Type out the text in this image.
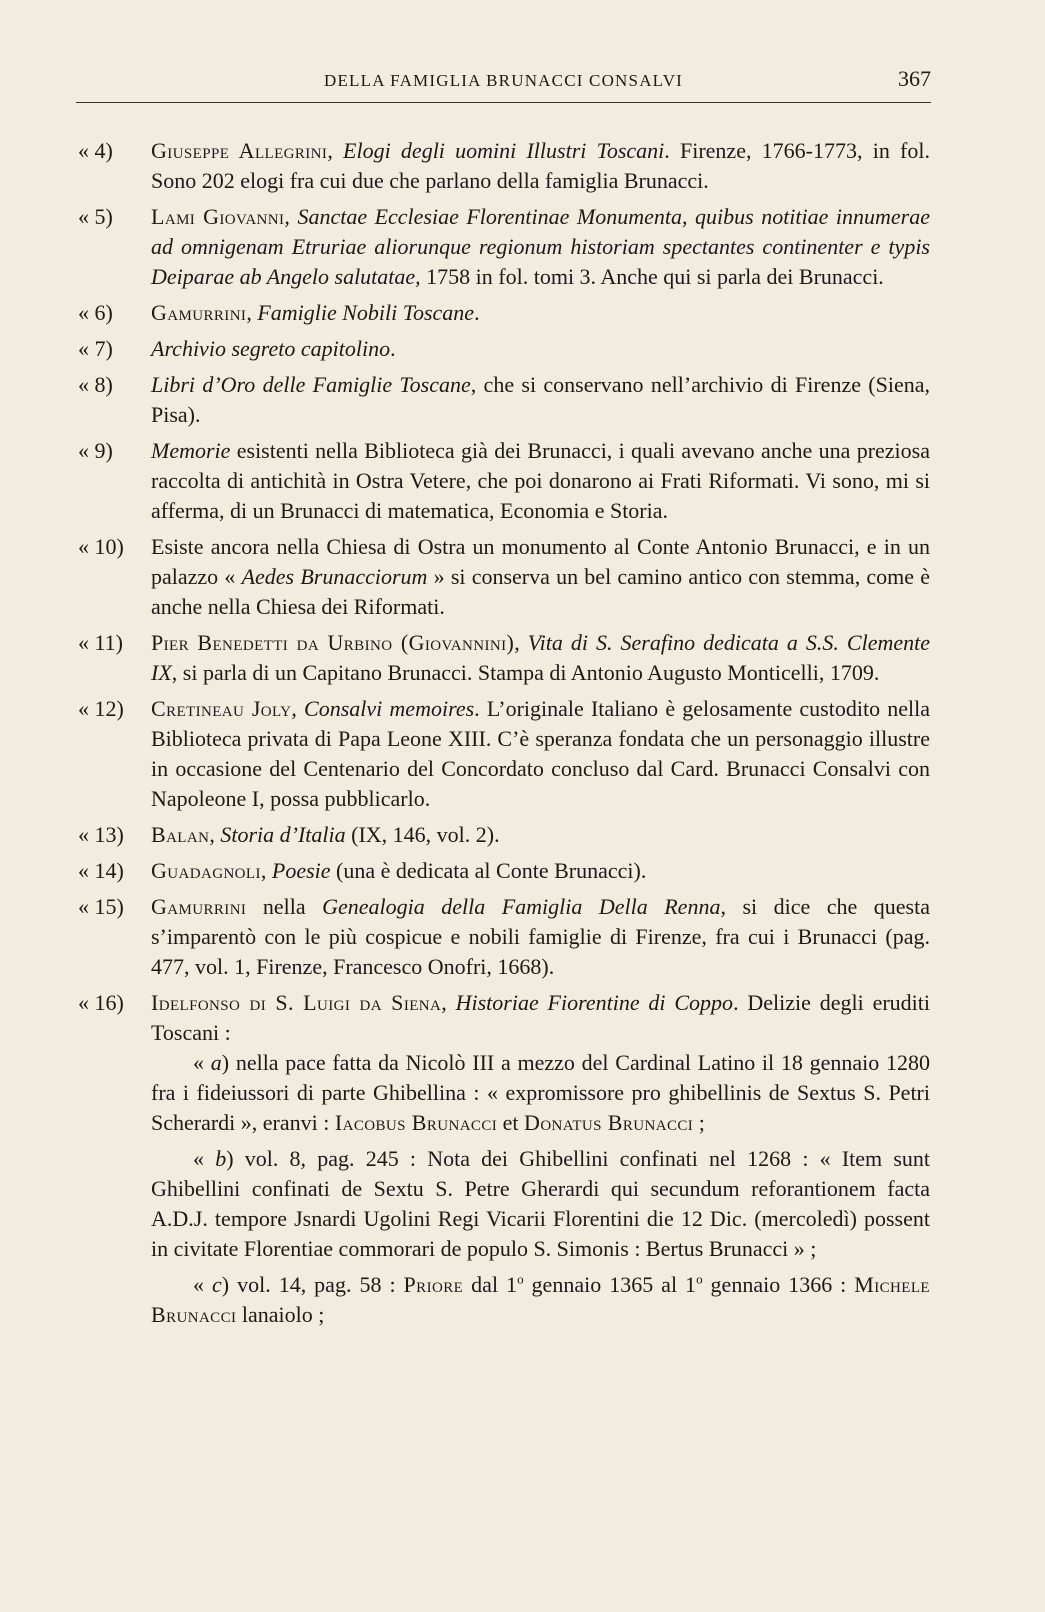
DELLA FAMIGLIA BRUNACCI CONSALVI	367
« 4)	Giuseppe Allegrini, Elogi degli uomini Illustri Toscani. Firenze, 1766-1773, in fol. Sono 202 elogi fra cui due che parlano della famiglia Brunacci.
« 5)	Lami Giovanni, Sanctae Ecclesiae Florentinae Monumenta, quibus notitiae innumerae ad omnigenam Etruriae aliorunque regionum historiam spectantes continenter e typis Deiparae ab Angelo salutatae, 1758 in fol. tomi 3. Anche qui si parla dei Brunacci.
« 6)	Gamurrini, Famiglie Nobili Toscane.
« 7)	Archivio segreto capitolino.
« 8)	Libri d’Oro delle Famiglie Toscane, che si conservano nell’archivio di Firenze (Siena, Pisa).
« 9)	Memorie esistenti nella Biblioteca già dei Brunacci, i quali avevano anche una preziosa raccolta di antichità in Ostra Vetere, che poi donarono ai Frati Riformati. Vi sono, mi si afferma, di un Brunacci di matematica, Economia e Storia.
« 10)	Esiste ancora nella Chiesa di Ostra un monumento al Conte Antonio Brunacci, e in un palazzo « Aedes Brunacciorum » si conserva un bel camino antico con stemma, come è anche nella Chiesa dei Riformati.
« 11)	Pier Benedetti da Urbino (Giovannini), Vita di S. Serafino dedicata a S.S. Clemente IX, si parla di un Capitano Brunacci. Stampa di Antonio Augusto Monticelli, 1709.
« 12)	Cretineau Joly, Consalvi memoires. L’originale Italiano è gelosamente custodito nella Biblioteca privata di Papa Leone XIII. C’è speranza fondata che un personaggio illustre in occasione del Centenario del Concordato concluso dal Card. Brunacci Consalvi con Napoleone I, possa pubblicarlo.
« 13)	Balan, Storia d’Italia (IX, 146, vol. 2).
« 14)	Guadagnoli, Poesie (una è dedicata al Conte Brunacci).
« 15)	Gamurrini nella Genealogia della Famiglia Della Renna, si dice che questa s’imparentò con le più cospicue e nobili famiglie di Firenze, fra cui i Brunacci (pag. 477, vol. 1, Firenze, Francesco Onofri, 1668).
« 16)	Idelfonso di S. Luigi da Siena, Historiae Fiorentine di Coppo. Delizie degli eruditi Toscani :
« a) nella pace fatta da Nicolò III a mezzo del Cardinal Latino il 18 gennaio 1280 fra i fideiussori di parte Ghibellina : « expromissore pro ghibellinis de Sextus S. Petri Scherardi », eranvi : Iacobus Brunacci et Donatus Brunacci ;
« b) vol. 8, pag. 245 : Nota dei Ghibellini confinati nel 1268 : « Item sunt Ghibellini confinati de Sextu S. Petre Gherardi qui secundum reforantionem facta A.D.J. tempore Jsnardi Ugolini Regi Vicarii Florentini die 12 Dic. (mercoledì) possent in civitate Florentiae commorari de populo S. Simonis : Bertus Brunacci » ;
« c) vol. 14, pag. 58 : Priore dal 1$^o$ gennaio 1365 al 1$^o$ gennaio 1366 : Michele Brunacci lanaiolo ;
